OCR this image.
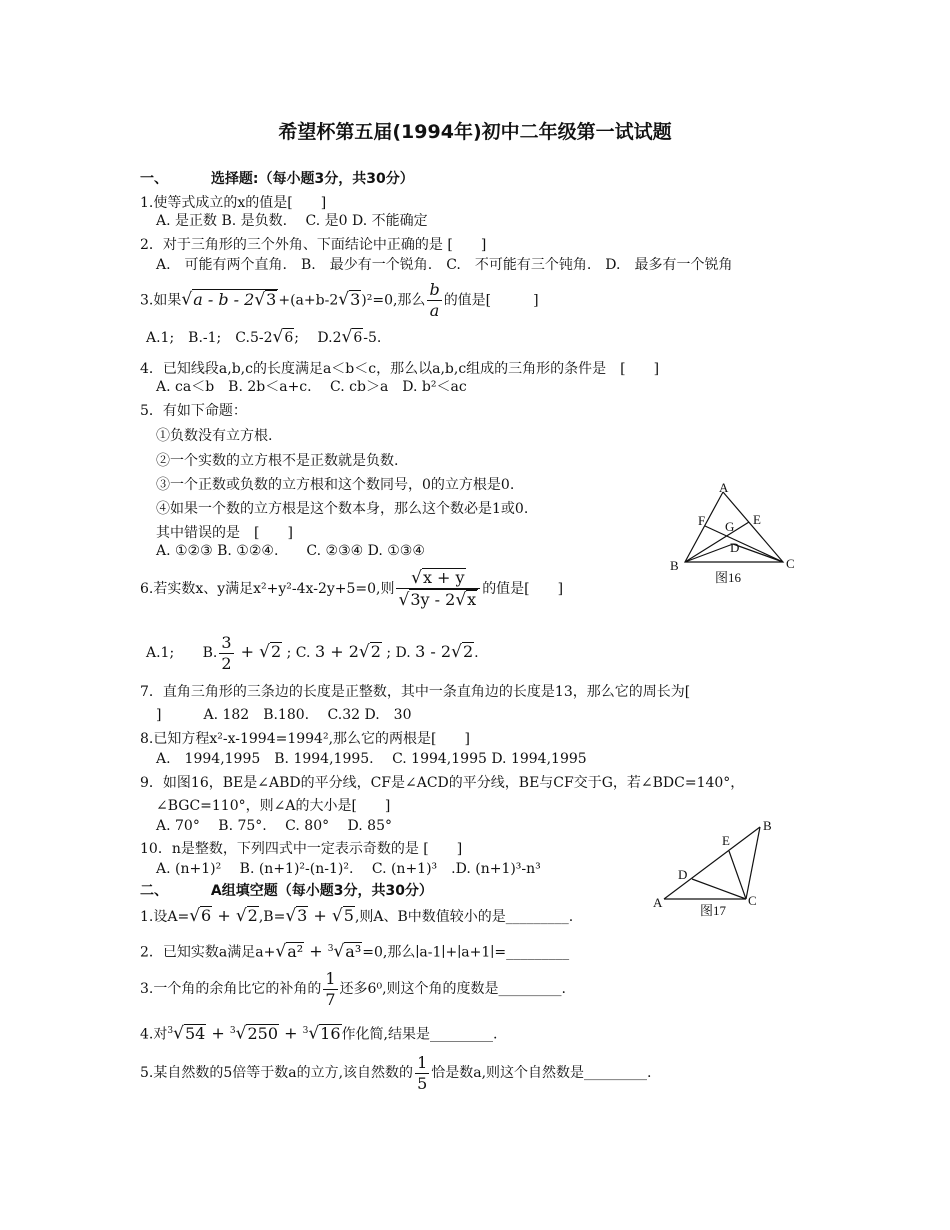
希望杯第五届(1994年)初中二年级第一试试题
一、	选择题:（每小题3分，共30分）
1.使等式成立的x的值是[　　]
A. 是正数 B. 是负数.　 C. 是0 D. 不能确定
2．对于三角形的三个外角、下面结论中正确的是 [　　]
A.　可能有两个直角.　B.　最少有一个锐角.　C.　不可能有三个钝角.　D.　最多有一个锐角
3.如果√a - b - 2√3 +(a+b-2√3)²=0,那么 $\frac{b}{a}$ 的值是[　　　]
A.1;　B.-1;　C.5-2√6; 　D.2√6-5.
4．已知线段a,b,c的长度满足a＜b＜c，那么以a,b,c组成的三角形的条件是　[　　]
A. ca＜b　B. 2b＜a+c.　 C. cb＞a　D. b²＜ac
5．有如下命题：
①负数没有立方根.
②一个实数的立方根不是正数就是负数.
③一个正数或负数的立方根和这个数同号，0的立方根是0.
④如果一个数的立方根是这个数本身，那么这个数必是1或0.
其中错误的是　[　　]
A. ①②③ B. ①②④.　　C. ②③④ D. ①③④
A
B	C
D
E
F G
图16
6.若实数x、y满足x²+y²-4x-2y+5=0,则 $\frac{√x + y}{√3y - 2√x}$ 的值是[　　]
A.1; B. $\frac{3}{2} + √2$ ; C. 3 + 2√2 ; D. 3 - 2√2.
7．直角三角形的三条边的长度是正整数，其中一条直角边的长度是13，那么它的周长为[
]　　　A. 182　B.180.　 C.32 D.　30
8.已知方程x²-x-1994=1994²,那么它的两根是[　　]
A.　1994,1995　B. 1994,1995.　 C. 1994,1995 D. 1994,1995
9．如图16，BE是∠ABD的平分线，CF是∠ACD的平分线，BE与CF交于G，若∠BDC=140°，
∠BGC=110°，则∠A的大小是[　　]
A. 70°　 B. 75°.　 C. 80°　 D. 85°
10．n是整数，下列四式中一定表示奇数的是 [　　]
A. (n+1)²　 B. (n+1)²-(n-1)².　 C. (n+1)³　.D. (n+1)³-n³
A
B
C
D
E
图17
二、	A组填空题（每小题3分，共30分）
1.设A=√6 + √2,B=√3 + √5,则A、B中数值较小的是_________.
2．已知实数a满足a+√a² + $^3$√a³=0,那么∣a-1∣+∣a+1∣=_________
3.一个角的余角比它的补角的 $\frac{1}{7}$ 还多6⁰,则这个角的度数是_________.
4.对$^3$√54 + $^3$√250 + $^3$√16作化简,结果是_________.
5.某自然数的5倍等于数a的立方,该自然数的 $\frac{1}{5}$ 恰是数a,则这个自然数是_________.
